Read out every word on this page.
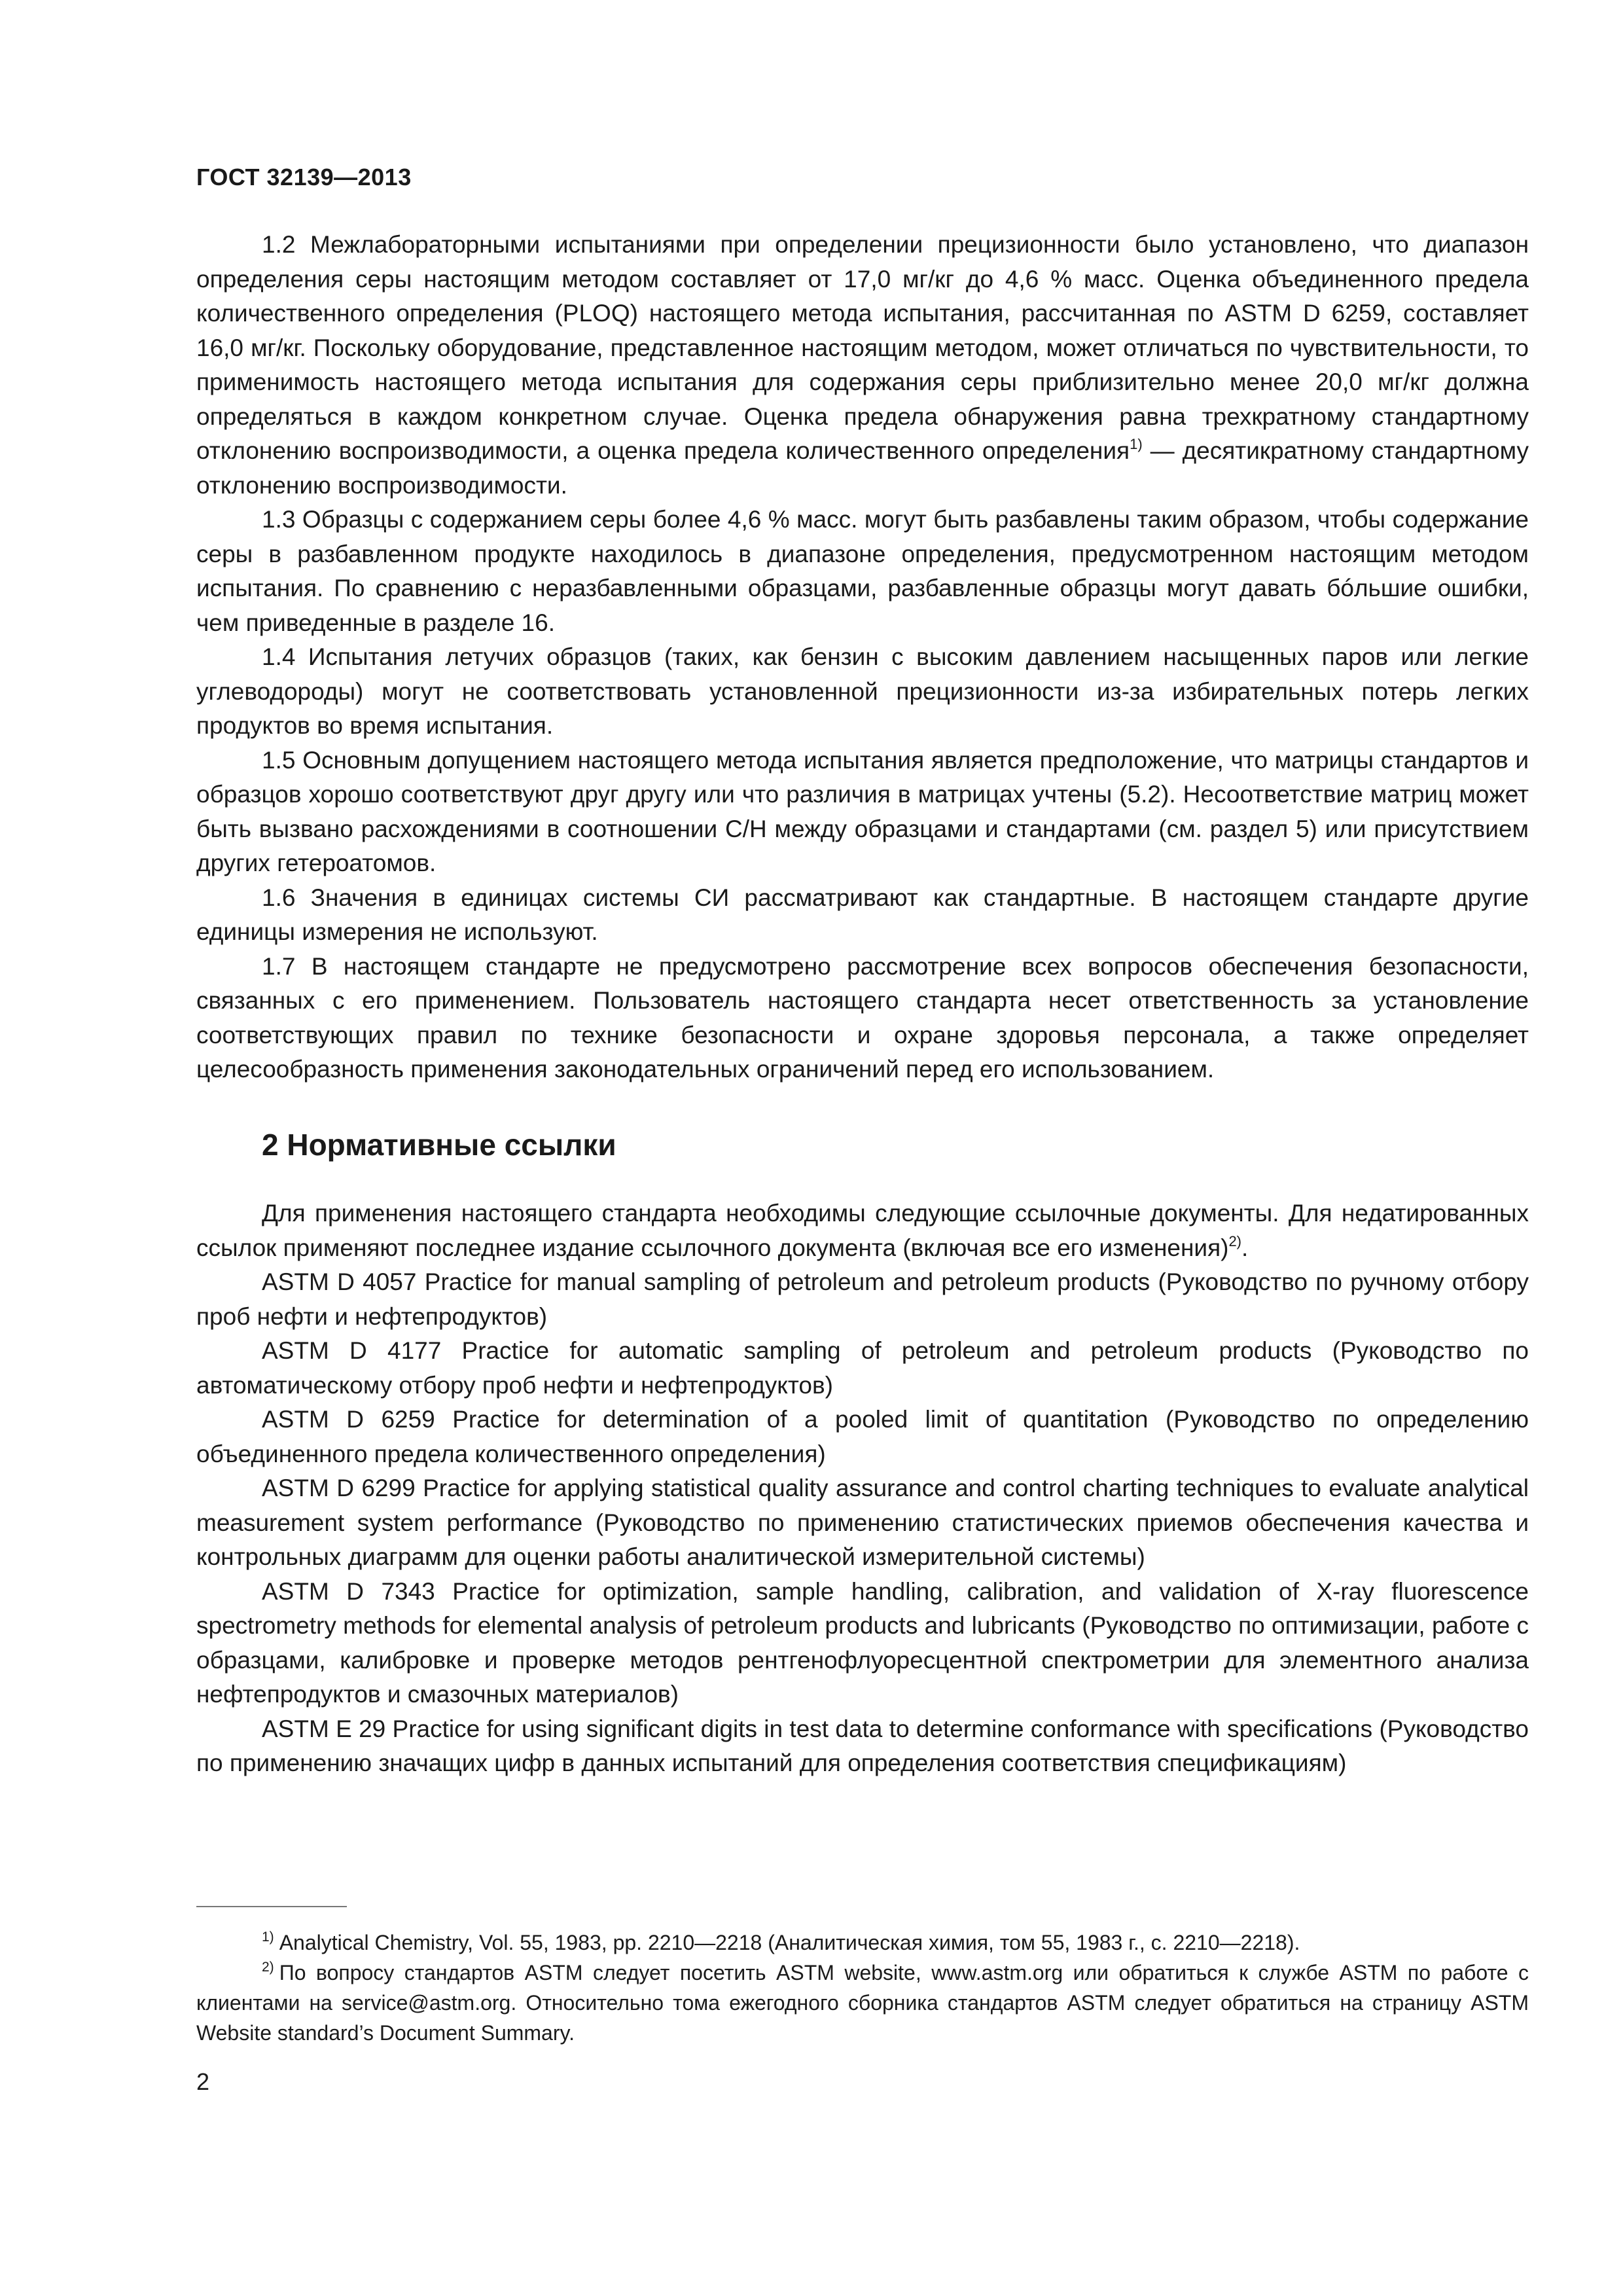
ГОСТ 32139—2013

1.2 Межлабораторными испытаниями при определении прецизионности было установлено, что диапазон определения серы настоящим методом составляет от 17,0 мг/кг до 4,6 % масс. Оценка объединенного предела количественного определения (PLOQ) настоящего метода испытания, рассчитанная по ASTM D 6259, составляет 16,0 мг/кг. Поскольку оборудование, представленное настоящим методом, может отличаться по чувствительности, то применимость настоящего метода испытания для содержания серы приблизительно менее 20,0 мг/кг должна определяться в каждом конкретном случае. Оценка предела обнаружения равна трехкратному стандартному отклонению воспроизводимости, а оценка предела количественного определения$^{1)}$ — десятикратному стандартному отклонению воспроизводимости.

1.3 Образцы с содержанием серы более 4,6 % масс. могут быть разбавлены таким образом, чтобы содержание серы в разбавленном продукте находилось в диапазоне определения, предусмотренном настоящим методом испытания. По сравнению с неразбавленными образцами, разбавленные образцы могут давать бóльшие ошибки, чем приведенные в разделе 16.

1.4 Испытания летучих образцов (таких, как бензин с высоким давлением насыщенных паров или легкие углеводороды) могут не соответствовать установленной прецизионности из-за избирательных потерь легких продуктов во время испытания.

1.5 Основным допущением настоящего метода испытания является предположение, что матрицы стандартов и образцов хорошо соответствуют друг другу или что различия в матрицах учтены (5.2). Несоответствие матриц может быть вызвано расхождениями в соотношении С/Н между образцами и стандартами (см. раздел 5) или присутствием других гетероатомов.

1.6 Значения в единицах системы СИ рассматривают как стандартные. В настоящем стандарте другие единицы измерения не используют.

1.7 В настоящем стандарте не предусмотрено рассмотрение всех вопросов обеспечения безопасности, связанных с его применением. Пользователь настоящего стандарта несет ответственность за установление соответствующих правил по технике безопасности и охране здоровья персонала, а также определяет целесообразность применения законодательных ограничений перед его использованием.

2 Нормативные ссылки

Для применения настоящего стандарта необходимы следующие ссылочные документы. Для недатированных ссылок применяют последнее издание ссылочного документа (включая все его изменения)$^{2)}$.

ASTM D 4057 Practice for manual sampling of petroleum and petroleum products (Руководство по ручному отбору проб нефти и нефтепродуктов)

ASTM D 4177 Practice for automatic sampling of petroleum and petroleum products (Руководство по автоматическому отбору проб нефти и нефтепродуктов)

ASTM D 6259 Practice for determination of a pooled limit of quantitation (Руководство по определению объединенного предела количественного определения)

ASTM D 6299 Practice for applying statistical quality assurance and control charting techniques to evaluate analytical measurement system performance (Руководство по применению статистических приемов обеспечения качества и контрольных диаграмм для оценки работы аналитической измерительной системы)

ASTM D 7343 Practice for optimization, sample handling, calibration, and validation of X-ray fluorescence spectrometry methods for elemental analysis of petroleum products and lubricants (Руководство по оптимизации, работе с образцами, калибровке и проверке методов рентгенофлуоресцентной спектрометрии для элементного анализа нефтепродуктов и смазочных материалов)

ASTM E 29 Practice for using significant digits in test data to determine conformance with specifications (Руководство по применению значащих цифр в данных испытаний для определения соответствия спецификациям)

$^{1)}$ Analytical Chemistry, Vol. 55, 1983, pp. 2210—2218 (Аналитическая химия, том 55, 1983 г., с. 2210—2218).

$^{2)}$ По вопросу стандартов ASTM следует посетить ASTM website, www.astm.org или обратиться к службе ASTM по работе с клиентами на service@astm.org. Относительно тома ежегодного сборника стандартов ASTM следует обратиться на страницу ASTM Website standard’s Document Summary.

2
